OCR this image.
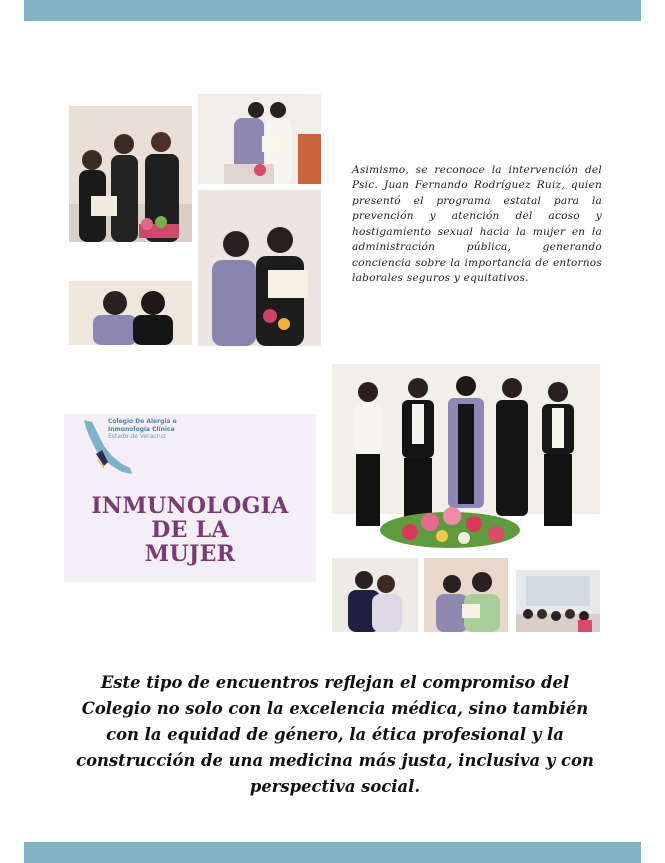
Asimismo, se reconoce la intervención del Psic. Juan Fernando Rodríguez Ruiz, quien presentó el programa estatal para la prevención y atención del acoso y hostigamiento sexual hacia la mujer en la administración pública, generando conciencia sobre la importancia de entornos laborales seguros y equitativos.

Colegio De Alergia e
Inmunología Clínica
Estado de Veracruz
INMUNOLOGIA
DE LA
MUJER

Este tipo de encuentros reflejan el compromiso del Colegio no solo con la excelencia médica, sino también con la equidad de género, la ética profesional y la construcción de una medicina más justa, inclusiva y con perspectiva social.
